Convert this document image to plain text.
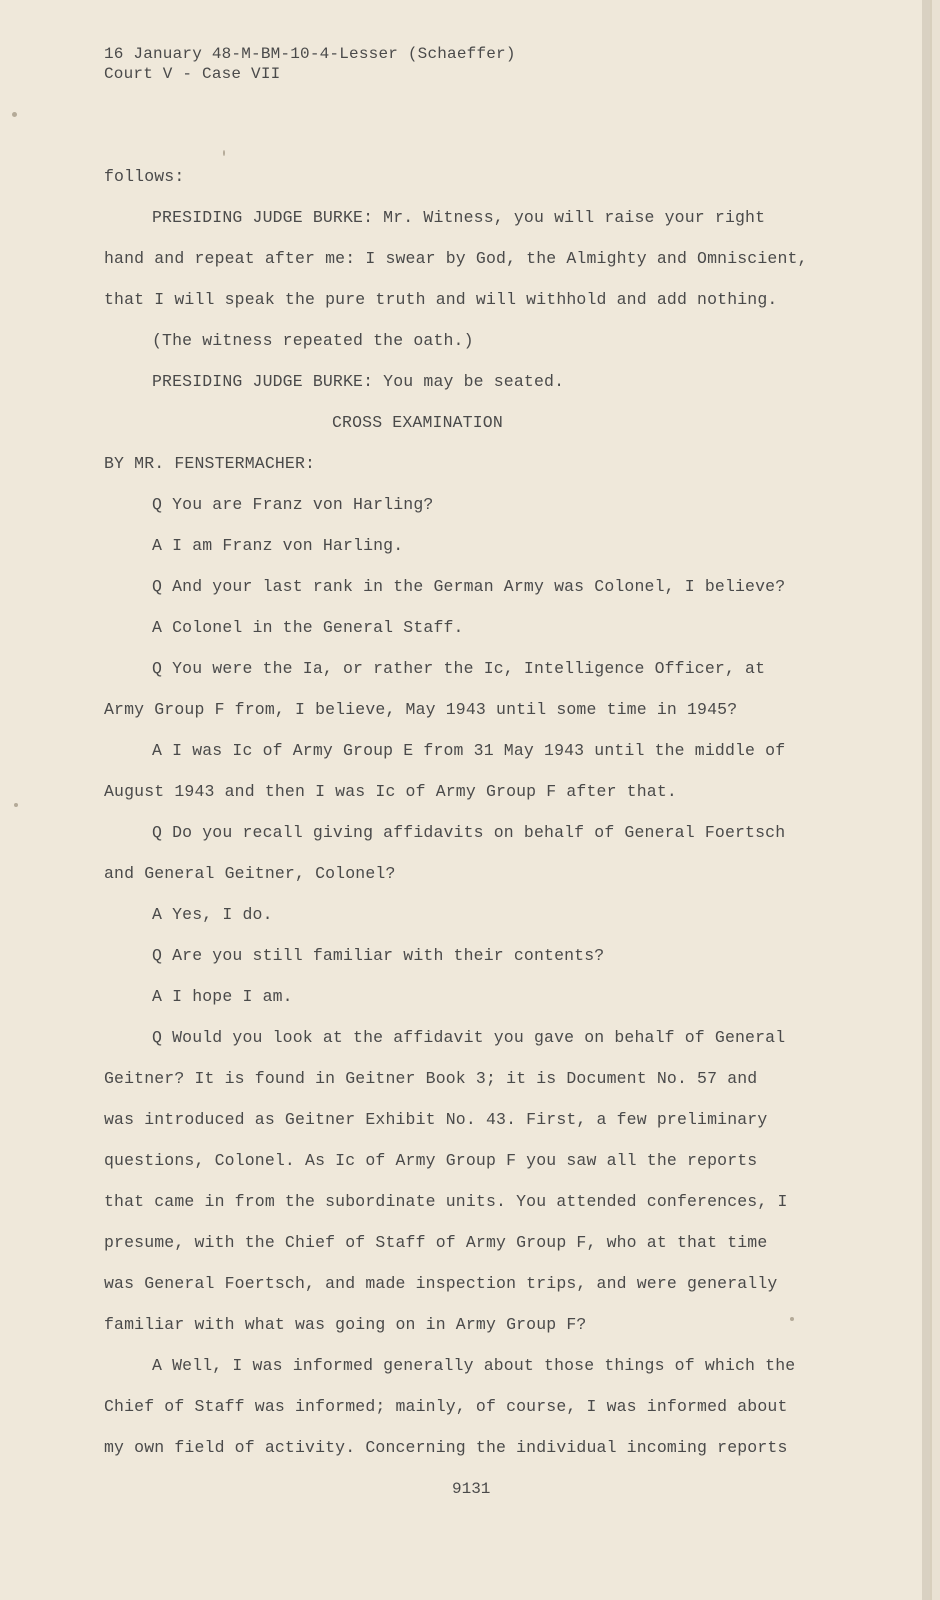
16 January 48-M-BM-10-4-Lesser (Schaeffer)
Court V - Case VII
follows:
PRESIDING JUDGE BURKE: Mr. Witness, you will raise your right
hand and repeat after me: I swear by God, the Almighty and Omniscient,
that I will speak the pure truth and will withhold and add nothing.
(The witness repeated the oath.)
PRESIDING JUDGE BURKE: You may be seated.
CROSS EXAMINATION
BY MR. FENSTERMACHER:
Q You are Franz von Harling?
A I am Franz von Harling.
Q And your last rank in the German Army was Colonel, I believe?
A Colonel in the General Staff.
Q You were the Ia, or rather the Ic, Intelligence Officer, at
Army Group F from, I believe, May 1943 until some time in 1945?
A I was Ic of Army Group E from 31 May 1943 until the middle of
August 1943 and then I was Ic of Army Group F after that.
Q Do you recall giving affidavits on behalf of General Foertsch
and General Geitner, Colonel?
A Yes, I do.
Q Are you still familiar with their contents?
A I hope I am.
Q Would you look at the affidavit you gave on behalf of General
Geitner? It is found in Geitner Book 3; it is Document No. 57 and
was introduced as Geitner Exhibit No. 43. First, a few preliminary
questions, Colonel. As Ic of Army Group F you saw all the reports
that came in from the subordinate units. You attended conferences, I
presume, with the Chief of Staff of Army Group F, who at that time
was General Foertsch, and made inspection trips, and were generally
familiar with what was going on in Army Group F?
A Well, I was informed generally about those things of which the
Chief of Staff was informed; mainly, of course, I was informed about
my own field of activity. Concerning the individual incoming reports
9131
